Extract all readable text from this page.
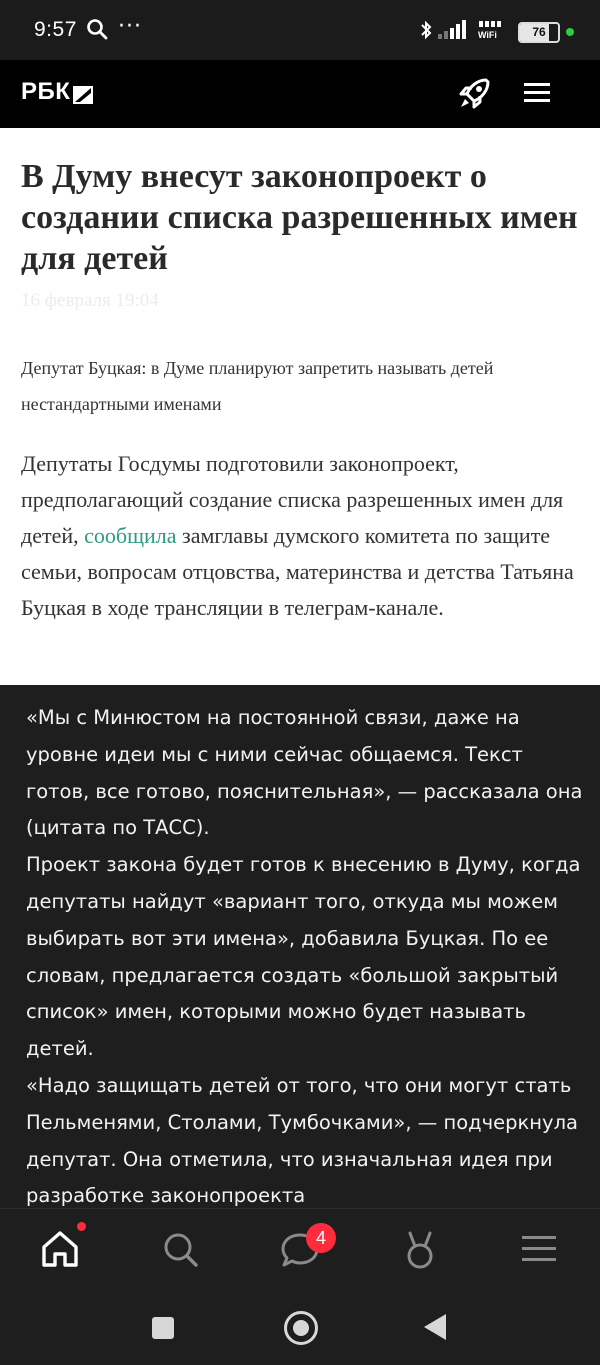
9:57 ···	WiFi	76
РБК
В Думу внесут законопроект о создании списка разрешенных имен для детей
16 февраля 19:04
Депутат Буцкая: в Думе планируют запретить называть детей нестандартными именами
Депутаты Госдумы подготовили законопроект, предполагающий создание списка разрешенных имен для детей, сообщила замглавы думского комитета по защите семьи, вопросам отцовства, материнства и детства Татьяна Буцкая в ходе трансляции в телеграм-канале.

«Мы с Минюстом на постоянной связи, даже на уровне идеи мы с ними сейчас общаемся. Текст готов, все готово, пояснительная», — рассказала она (цитата по ТАСС).

Проект закона будет готов к внесению в Думу, когда депутаты найдут «вариант того, откуда мы можем выбирать вот эти имена», добавила Буцкая. По ее словам, предлагается создать «большой закрытый список» имен, которыми можно будет называть детей.

«Надо защищать детей от того, что они могут стать Пельменями, Столами, Тумбочками», — подчеркнула депутат. Она отметила, что изначальная идея при разработке законопроекта

4
